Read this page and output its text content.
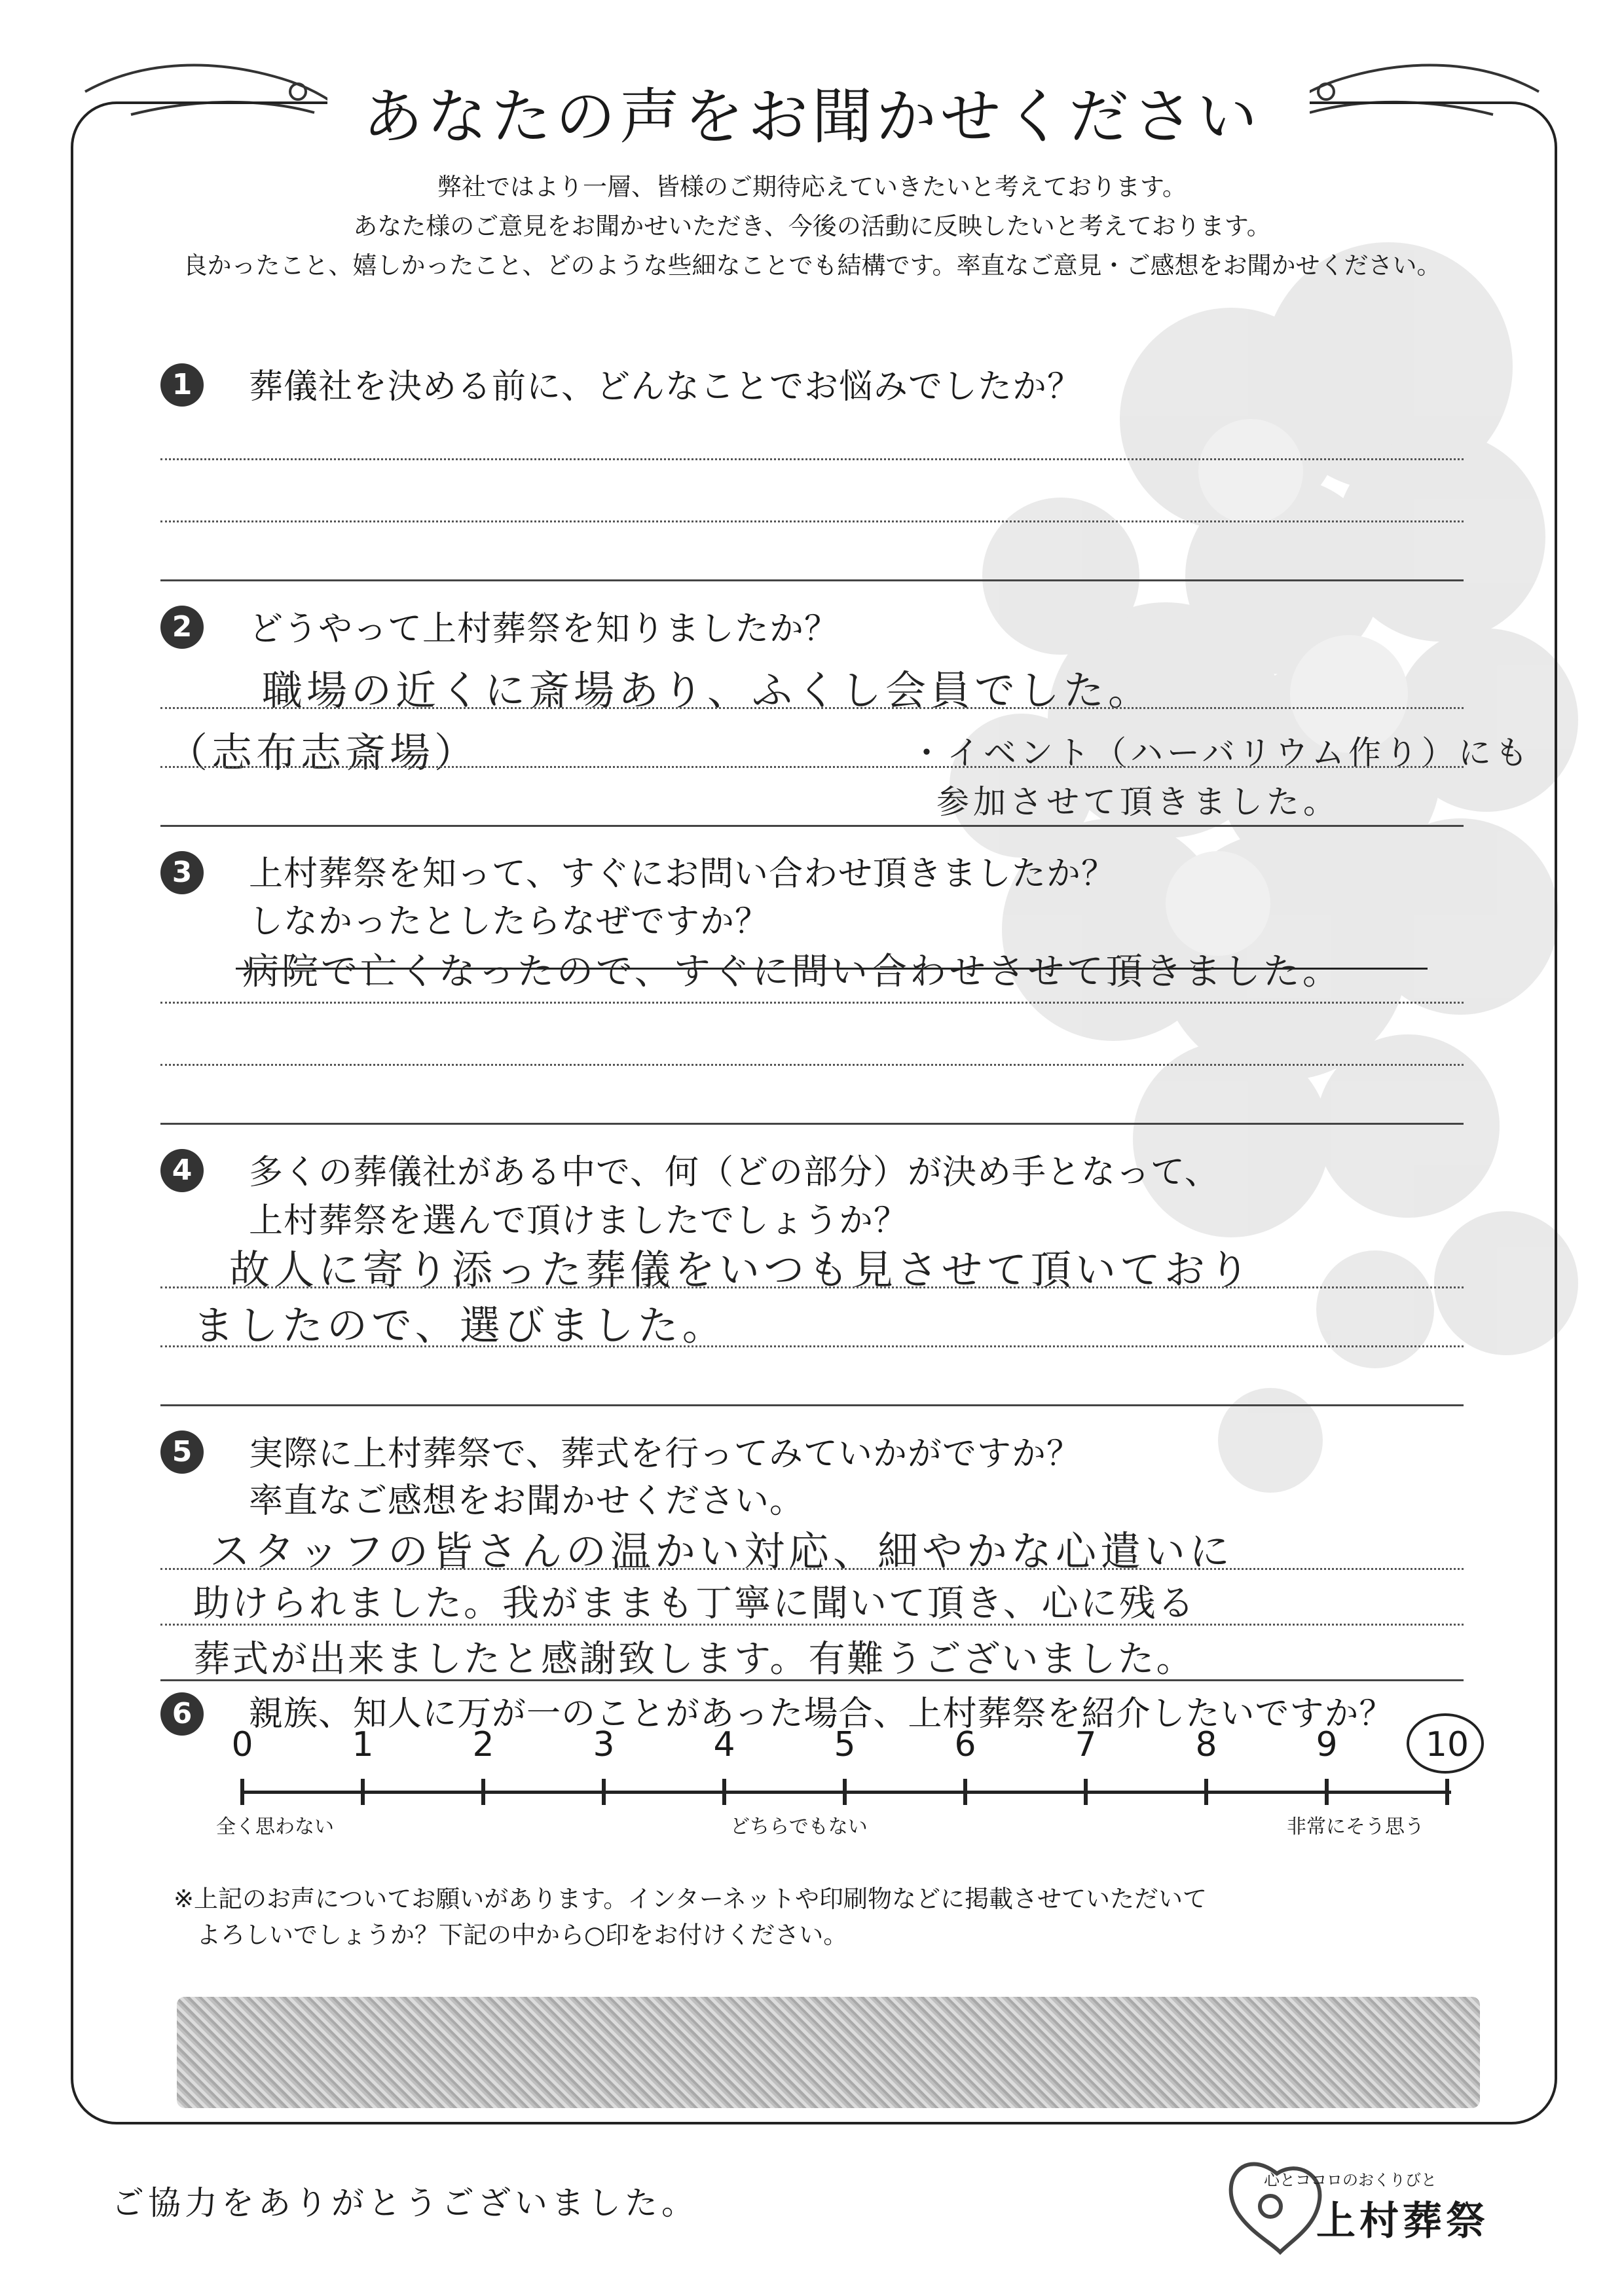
あなたの声をお聞かせください
弊社ではより一層、皆様のご期待応えていきたいと考えております。
あなた様のご意見をお聞かせいただき、今後の活動に反映したいと考えております。
良かったこと、嬉しかったこと、どのような些細なことでも結構です。率直なご意見・ご感想をお聞かせください。
1	葬儀社を決める前に、どんなことでお悩みでしたか？
2	どうやって上村葬祭を知りましたか？
職場の近くに斎場あり、ふくし会員でした。
（志布志斎場）	・イベント（ハーバリウム作り）にも
参加させて頂きました。
3	上村葬祭を知って、すぐにお問い合わせ頂きましたか？
しなかったとしたらなぜですか？
病院で亡くなったので、すぐに問い合わせさせて頂きました。
4	多くの葬儀社がある中で、何（どの部分）が決め手となって、
上村葬祭を選んで頂けましたでしょうか？
故人に寄り添った葬儀をいつも見させて頂いており
ましたので、選びました。
5	実際に上村葬祭で、葬式を行ってみていかがですか？
率直なご感想をお聞かせください。
スタッフの皆さんの温かい対応、細やかな心遣いに
助けられました。我がままも丁寧に聞いて頂き、心に残る
葬式が出来ましたと感謝致します。有難うございました。
6	親族、知人に万が一のことがあった場合、上村葬祭を紹介したいですか？
0	1	2	3	4	5	6	7	8	9	10
全く思わない	どちらでもない	非常にそう思う
※上記のお声についてお願いがあります。インターネットや印刷物などに掲載させていただいて
よろしいでしょうか？下記の中から○印をお付けください。
ご協力をありがとうございました。
心とココロのおくりびと
上村葬祭
